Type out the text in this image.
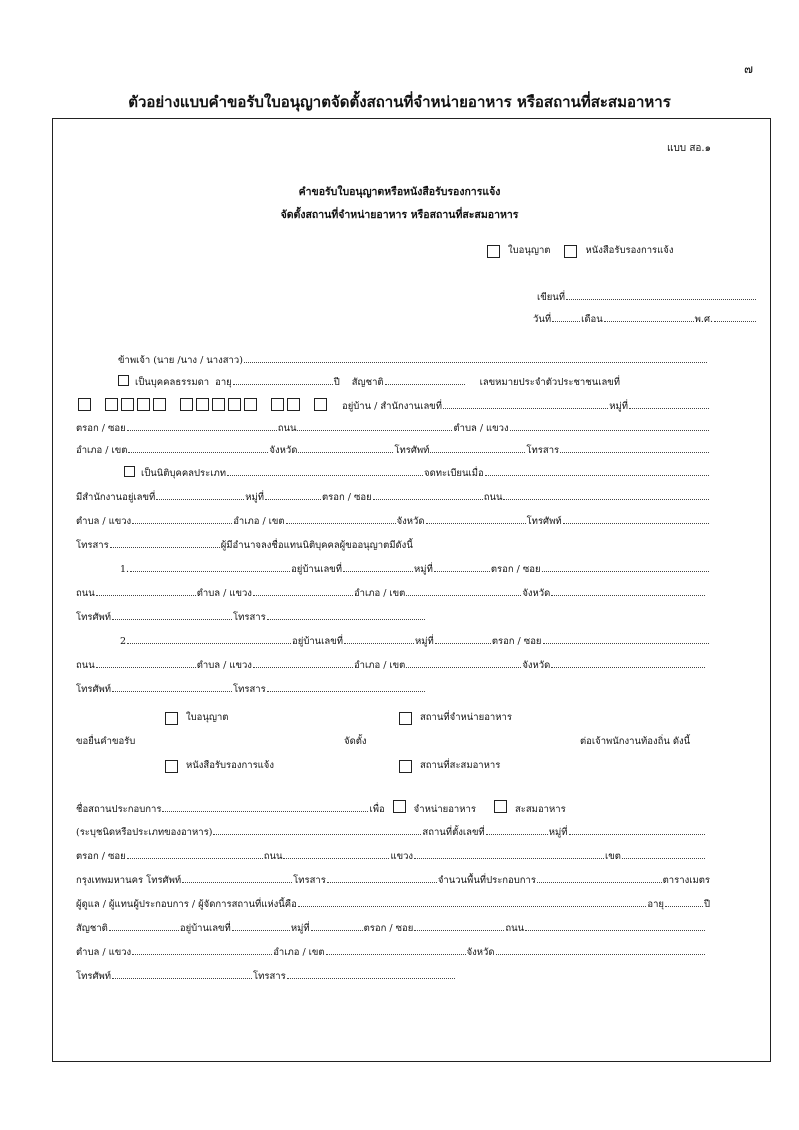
๗
ตัวอย่างแบบคำขอรับใบอนุญาตจัดตั้งสถานที่จำหน่ายอาหาร หรือสถานที่สะสมอาหาร
แบบ สอ.๑
คำขอรับใบอนุญาตหรือหนังสือรับรองการแจ้ง
จัดตั้งสถานที่จำหน่ายอาหาร หรือสถานที่สะสมอาหาร
ใบอนุญาต	หนังสือรับรองการแจ้ง
เขียนที่
วันที่	เดือน	พ.ศ.
ข้าพเจ้า (นาย /นาง / นางสาว)
เป็นบุคคลธรรมดา อายุ	ปี สัญชาติ	เลขหมายประจำตัวประชาชนเลขที่
อยู่บ้าน / สำนักงานเลขที่	หมู่ที่
ตรอก / ซอย	ถนน	ตำบล / แขวง
อำเภอ / เขต	จังหวัด	โทรศัพท์	โทรสาร
เป็นนิติบุคคลประเภท	จดทะเบียนเมื่อ
มีสำนักงานอยู่เลขที่	หมู่ที่	ตรอก / ซอย	ถนน
ตำบล / แขวง	อำเภอ / เขต	จังหวัด	โทรศัพท์
โทรสาร	ผู้มีอำนาจลงชื่อแทนนิติบุคคลผู้ขออนุญาตมีดังนี้
1.	อยู่บ้านเลขที่	หมู่ที่	ตรอก / ซอย
ถนน	ตำบล / แขวง	อำเภอ / เขต	จังหวัด
โทรศัพท์	โทรสาร
2	อยู่บ้านเลขที่	หมู่ที่	ตรอก / ซอย
ถนน	ตำบล / แขวง	อำเภอ / เขต	จังหวัด
โทรศัพท์	โทรสาร
ใบอนุญาต	สถานที่จำหน่ายอาหาร
ขอยื่นคำขอรับ	จัดตั้ง	ต่อเจ้าพนักงานท้องถิ่น ดังนี้
หนังสือรับรองการแจ้ง	สถานที่สะสมอาหาร
ชื่อสถานประกอบการ	เพื่อ	จำหน่ายอาหาร	สะสมอาหาร
(ระบุชนิดหรือประเภทของอาหาร)	สถานที่ตั้งเลขที่	หมู่ที่
ตรอก / ซอย	ถนน	แขวง	เขต
กรุงเทพมหานคร โทรศัพท์	โทรสาร	จำนวนพื้นที่ประกอบการ	ตารางเมตร
ผู้ดูแล / ผู้แทนผู้ประกอบการ / ผู้จัดการสถานที่แห่งนี้คือ	อายุ	ปี
สัญชาติ	อยู่บ้านเลขที่	หมู่ที่	ตรอก / ซอย	ถนน
ตำบล / แขวง	อำเภอ / เขต	จังหวัด
โทรศัพท์	โทรสาร
